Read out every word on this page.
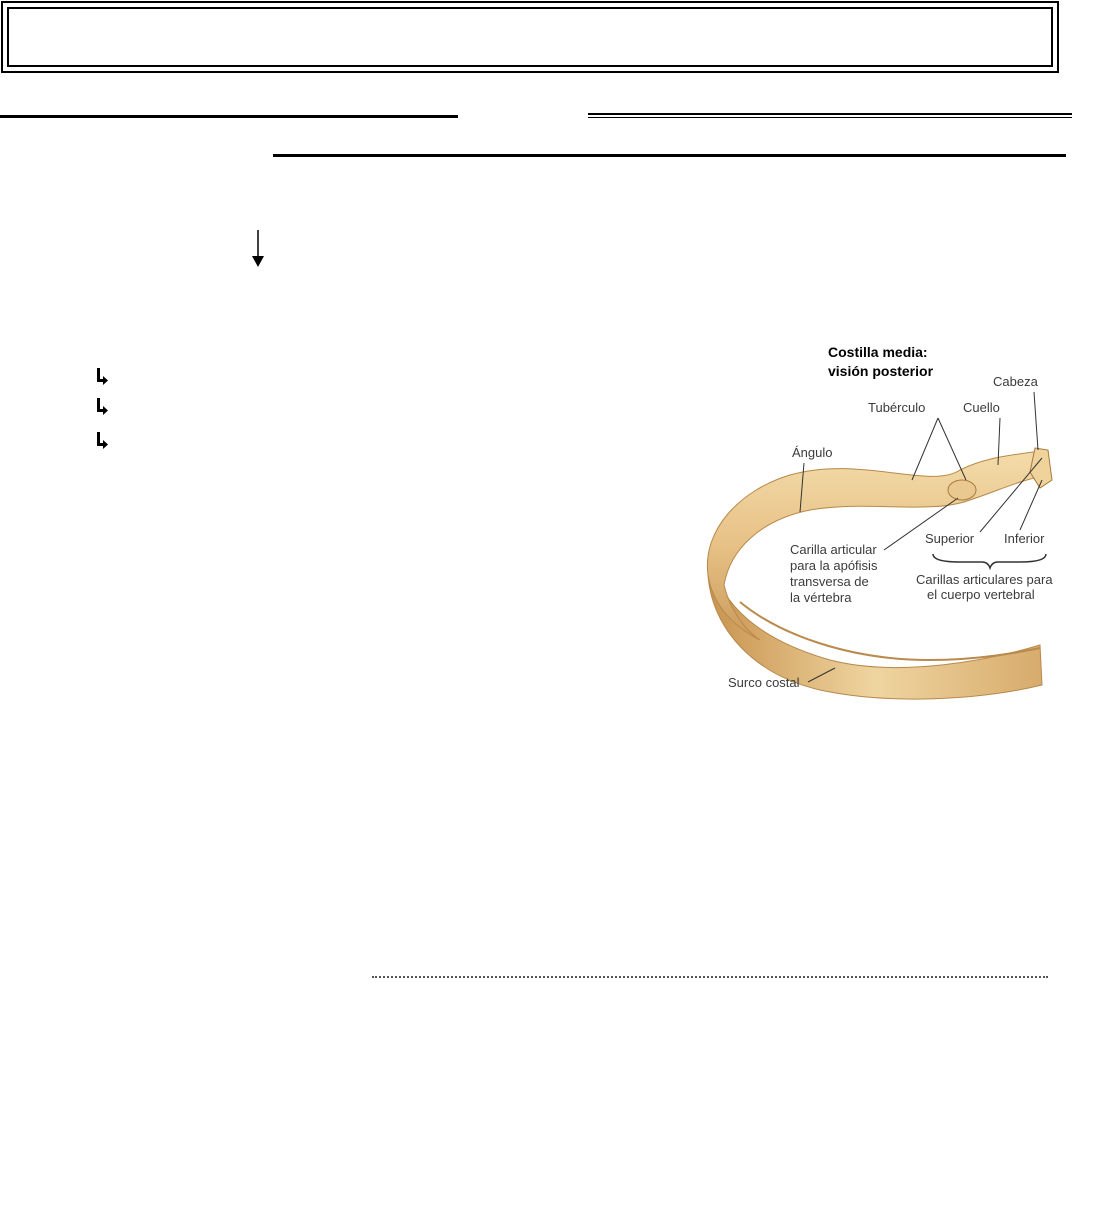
Costilla media:
visión posterior
Cabeza
Tubérculo	Cuello
Ángulo
Superior Inferior
Carilla articular
para la apófisis
transversa de
la vértebra
Carillas articulares para
el cuerpo vertebral
Surco costal
